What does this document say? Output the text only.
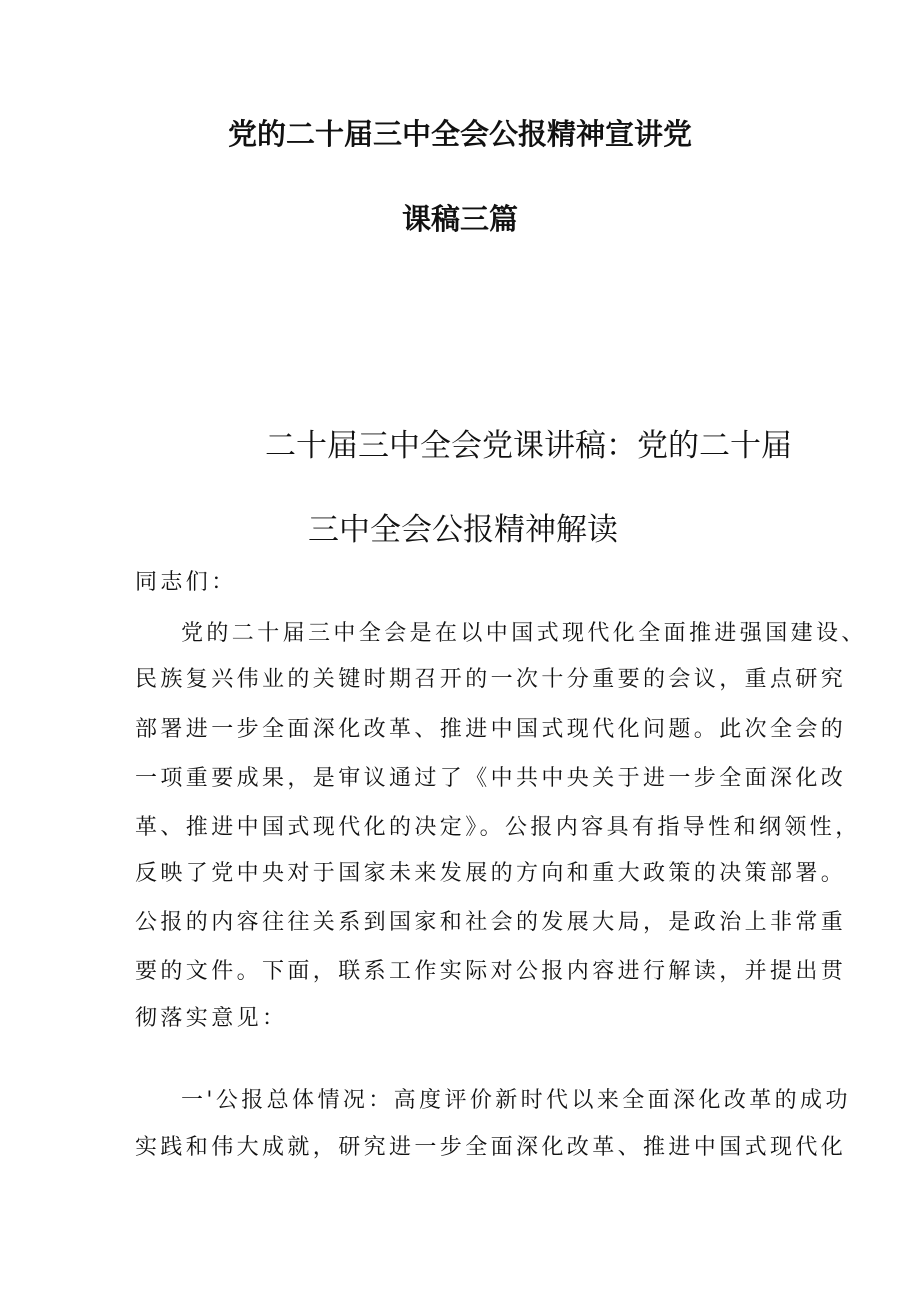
党的二十届三中全会公报精神宣讲党
课稿三篇
二十届三中全会党课讲稿：党的二十届
三中全会公报精神解读

同志们：

党的二十届三中全会是在以中国式现代化全面推进强国建设、

民族复兴伟业的关键时期召开的一次十分重要的会议，重点研究

部署进一步全面深化改革、推进中国式现代化问题。此次全会的

一项重要成果，是审议通过了《中共中央关于进一步全面深化改

革、推进中国式现代化的决定》。公报内容具有指导性和纲领性，

反映了党中央对于国家未来发展的方向和重大政策的决策部署。

公报的内容往往关系到国家和社会的发展大局，是政治上非常重

要的文件。下面，联系工作实际对公报内容进行解读，并提出贯

彻落实意见：

一'公报总体情况：高度评价新时代以来全面深化改革的成功

实践和伟大成就，研究进一步全面深化改革、推进中国式现代化
